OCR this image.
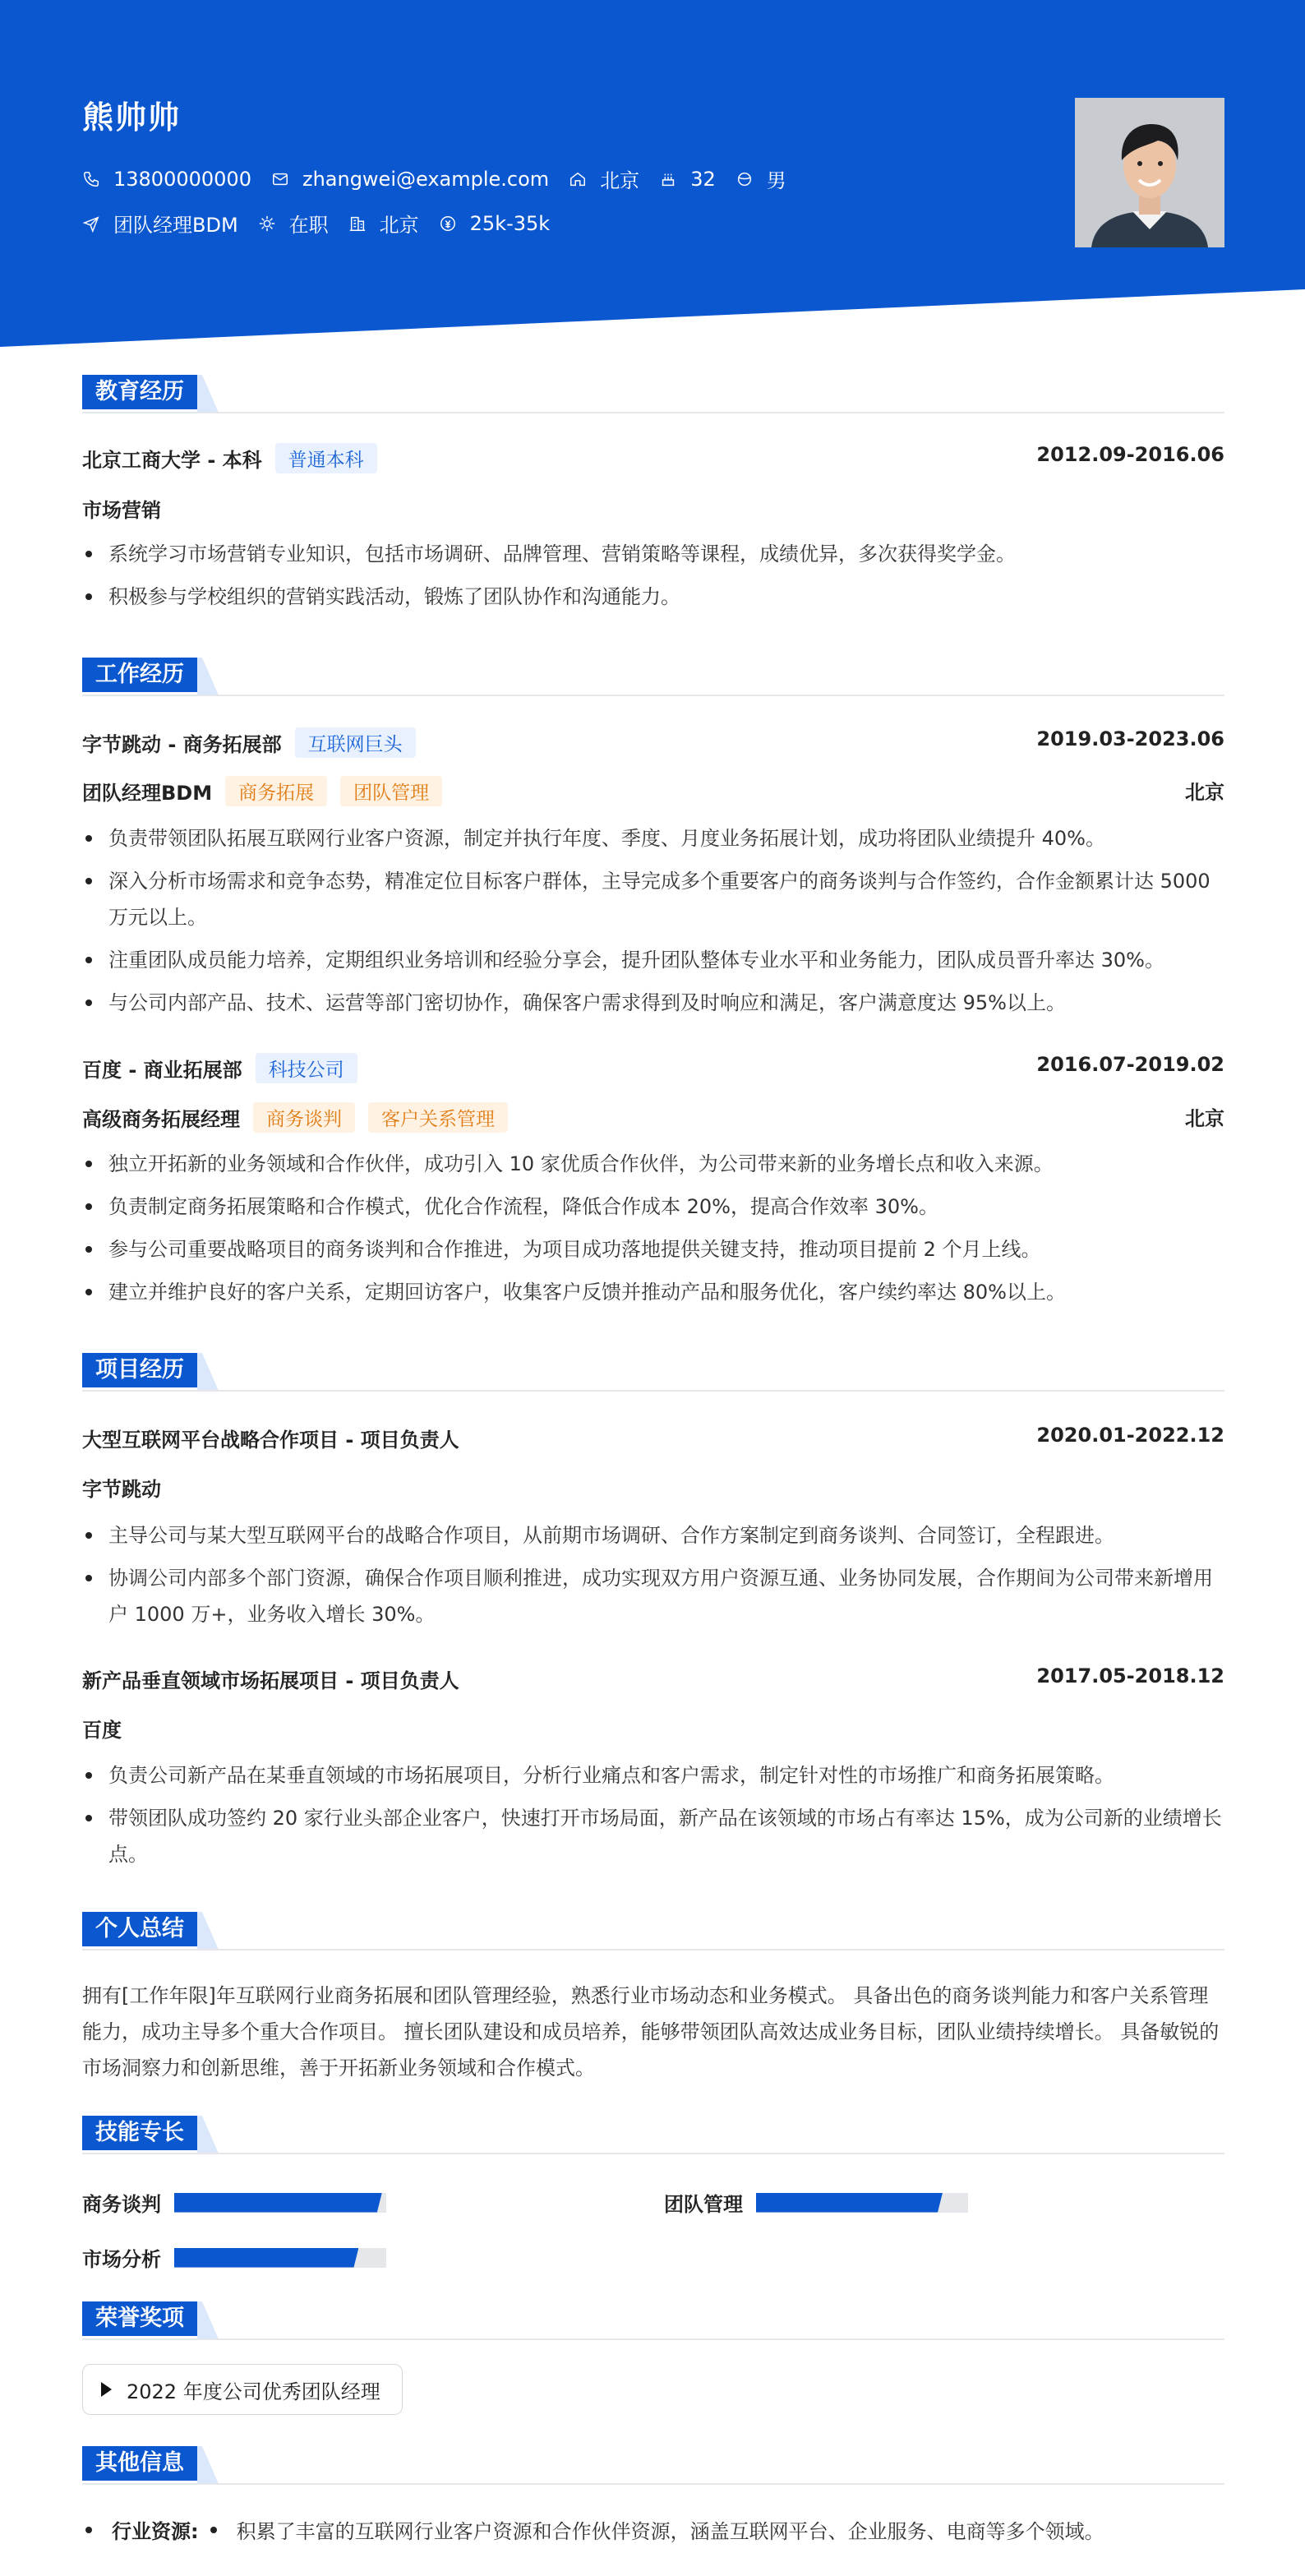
熊帅帅
13800000000	zhangwei@example.com	北京	32	男
团队经理BDM	在职	北京	25k-35k
教育经历
北京工商大学 - 本科	普通本科	2012.09-2016.06
市场营销
系统学习市场营销专业知识，包括市场调研、品牌管理、营销策略等课程，成绩优异，多次获得奖学金。
积极参与学校组织的营销实践活动，锻炼了团队协作和沟通能力。
工作经历
字节跳动 - 商务拓展部	互联网巨头	2019.03-2023.06
团队经理BDM	商务拓展	团队管理	北京
负责带领团队拓展互联网行业客户资源，制定并执行年度、季度、月度业务拓展计划，成功将团队业绩提升 40%。
深入分析市场需求和竞争态势，精准定位目标客户群体，主导完成多个重要客户的商务谈判与合作签约，合作金额累计达 5000 万元以上。
注重团队成员能力培养，定期组织业务培训和经验分享会，提升团队整体专业水平和业务能力，团队成员晋升率达 30%。
与公司内部产品、技术、运营等部门密切协作，确保客户需求得到及时响应和满足，客户满意度达 95%以上。
百度 - 商业拓展部	科技公司	2016.07-2019.02
高级商务拓展经理	商务谈判	客户关系管理	北京
独立开拓新的业务领域和合作伙伴，成功引入 10 家优质合作伙伴，为公司带来新的业务增长点和收入来源。
负责制定商务拓展策略和合作模式，优化合作流程，降低合作成本 20%，提高合作效率 30%。
参与公司重要战略项目的商务谈判和合作推进，为项目成功落地提供关键支持，推动项目提前 2 个月上线。
建立并维护良好的客户关系，定期回访客户，收集客户反馈并推动产品和服务优化，客户续约率达 80%以上。
项目经历
大型互联网平台战略合作项目 - 项目负责人	2020.01-2022.12
字节跳动
主导公司与某大型互联网平台的战略合作项目，从前期市场调研、合作方案制定到商务谈判、合同签订，全程跟进。
协调公司内部多个部门资源，确保合作项目顺利推进，成功实现双方用户资源互通、业务协同发展，合作期间为公司带来新增用户 1000 万+，业务收入增长 30%。
新产品垂直领域市场拓展项目 - 项目负责人	2017.05-2018.12
百度
负责公司新产品在某垂直领域的市场拓展项目，分析行业痛点和客户需求，制定针对性的市场推广和商务拓展策略。
带领团队成功签约 20 家行业头部企业客户，快速打开市场局面，新产品在该领域的市场占有率达 15%，成为公司新的业绩增长点。
个人总结
拥有[工作年限]年互联网行业商务拓展和团队管理经验，熟悉行业市场动态和业务模式。 具备出色的商务谈判能力和客户关系管理能力，成功主导多个重大合作项目。 擅长团队建设和成员培养，能够带领团队高效达成业务目标，团队业绩持续增长。 具备敏锐的市场洞察力和创新思维，善于开拓新业务领域和合作模式。
技能专长
商务谈判	团队管理
市场分析
荣誉奖项
2022 年度公司优秀团队经理
其他信息
行业资源: 积累了丰富的互联网行业客户资源和合作伙伴资源，涵盖互联网平台、企业服务、电商等多个领域。
